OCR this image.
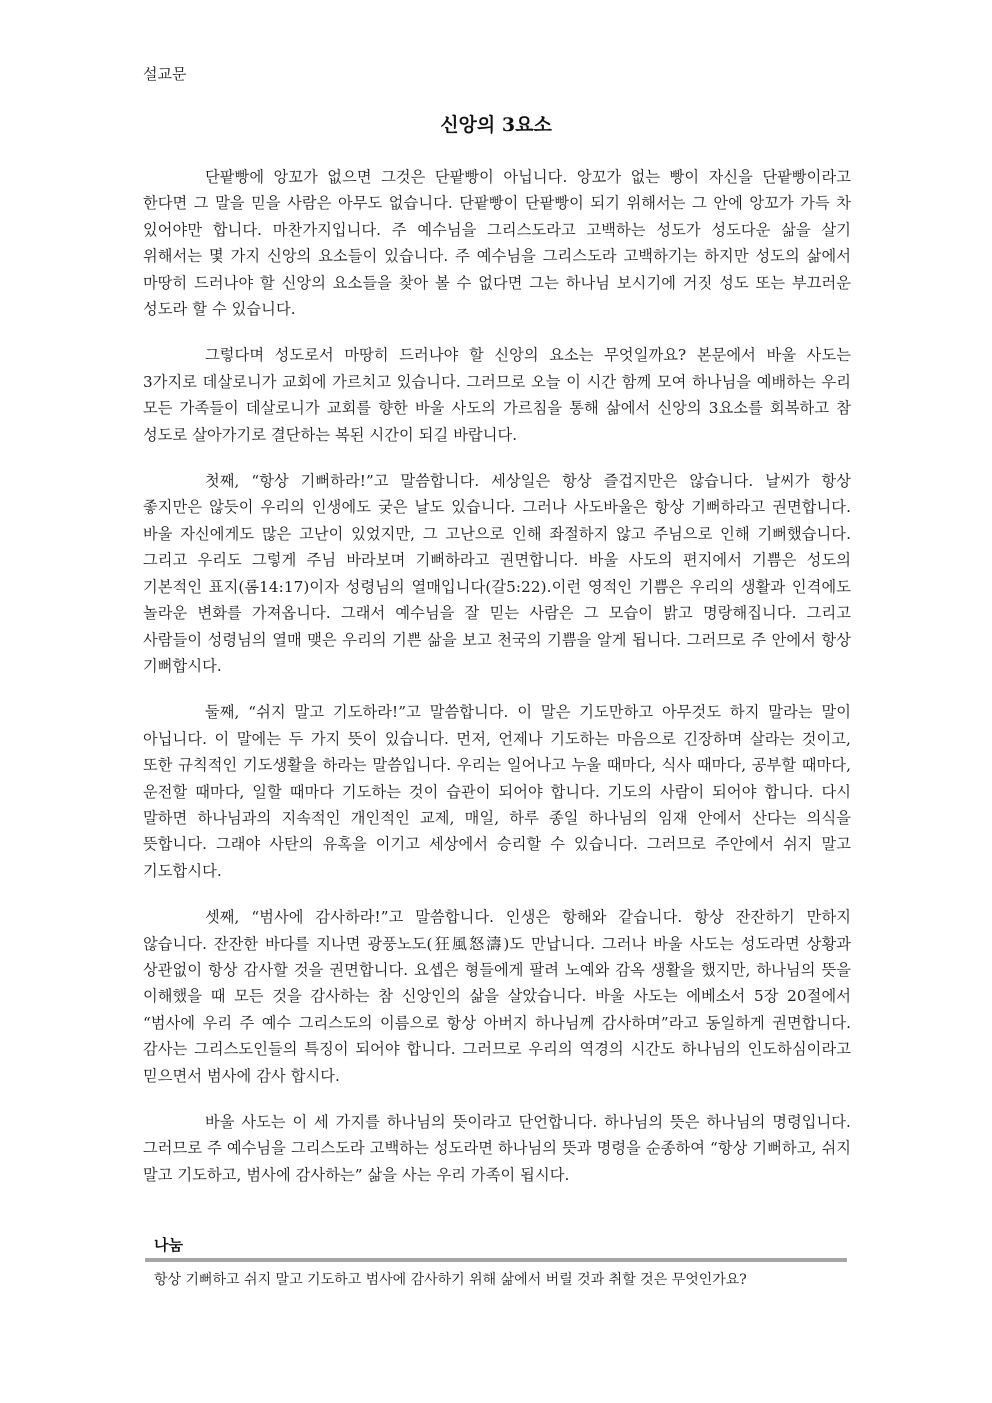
설교문
신앙의 3요소

단팥빵에 앙꼬가 없으면 그것은 단팥빵이 아닙니다. 앙꼬가 없는 빵이 자신을 단팥빵이라고 한다면 그 말을 믿을 사람은 아무도 없습니다. 단팥빵이 단팥빵이 되기 위해서는 그 안에 앙꼬가 가득 차 있어야만 합니다. 마찬가지입니다. 주 예수님을 그리스도라고 고백하는 성도가 성도다운 삶을 살기 위해서는 몇 가지 신앙의 요소들이 있습니다. 주 예수님을 그리스도라 고백하기는 하지만 성도의 삶에서 마땅히 드러나야 할 신앙의 요소들을 찾아 볼 수 없다면 그는 하나님 보시기에 거짓 성도 또는 부끄러운 성도라 할 수 있습니다.

그렇다며 성도로서 마땅히 드러나야 할 신앙의 요소는 무엇일까요? 본문에서 바울 사도는 3가지로 데살로니가 교회에 가르치고 있습니다. 그러므로 오늘 이 시간 함께 모여 하나님을 예배하는 우리 모든 가족들이 데살로니가 교회를 향한 바울 사도의 가르침을 통해 삶에서 신앙의 3요소를 회복하고 참 성도로 살아가기로 결단하는 복된 시간이 되길 바랍니다.

첫째, “항상 기뻐하라!”고 말씀합니다. 세상일은 항상 즐겁지만은 않습니다. 날씨가 항상 좋지만은 않듯이 우리의 인생에도 궂은 날도 있습니다. 그러나 사도바울은 항상 기뻐하라고 권면합니다. 바울 자신에게도 많은 고난이 있었지만, 그 고난으로 인해 좌절하지 않고 주님으로 인해 기뻐했습니다. 그리고 우리도 그렇게 주님 바라보며 기뻐하라고 권면합니다. 바울 사도의 편지에서 기쁨은 성도의 기본적인 표지(롬14:17)이자 성령님의 열매입니다(갈5:22).이런 영적인 기쁨은 우리의 생활과 인격에도 놀라운 변화를 가져옵니다. 그래서 예수님을 잘 믿는 사람은 그 모습이 밝고 명랑해집니다. 그리고 사람들이 성령님의 열매 맺은 우리의 기쁜 삶을 보고 천국의 기쁨을 알게 됩니다. 그러므로 주 안에서 항상 기뻐합시다.

둘째, “쉬지 말고 기도하라!”고 말씀합니다. 이 말은 기도만하고 아무것도 하지 말라는 말이 아닙니다. 이 말에는 두 가지 뜻이 있습니다. 먼저, 언제나 기도하는 마음으로 긴장하며 살라는 것이고, 또한 규칙적인 기도생활을 하라는 말씀입니다. 우리는 일어나고 누울 때마다, 식사 때마다, 공부할 때마다, 운전할 때마다, 일할 때마다 기도하는 것이 습관이 되어야 합니다. 기도의 사람이 되어야 합니다. 다시 말하면 하나님과의 지속적인 개인적인 교제, 매일, 하루 종일 하나님의 임재 안에서 산다는 의식을 뜻합니다. 그래야 사탄의 유혹을 이기고 세상에서 승리할 수 있습니다. 그러므로 주안에서 쉬지 말고 기도합시다.

셋째, “범사에 감사하라!”고 말씀합니다. 인생은 항해와 같습니다. 항상 잔잔하기 만하지 않습니다. 잔잔한 바다를 지나면 광풍노도(狂風怒濤)도 만납니다. 그러나 바울 사도는 성도라면 상황과 상관없이 항상 감사할 것을 권면합니다. 요셉은 형들에게 팔려 노예와 감옥 생활을 했지만, 하나님의 뜻을 이해했을 때 모든 것을 감사하는 참 신앙인의 삶을 살았습니다. 바울 사도는 에베소서 5장 20절에서 “범사에 우리 주 예수 그리스도의 이름으로 항상 아버지 하나님께 감사하며”라고 동일하게 권면합니다. 감사는 그리스도인들의 특징이 되어야 합니다. 그러므로 우리의 역경의 시간도 하나님의 인도하심이라고 믿으면서 범사에 감사 합시다.

바울 사도는 이 세 가지를 하나님의 뜻이라고 단언합니다. 하나님의 뜻은 하나님의 명령입니다. 그러므로 주 예수님을 그리스도라 고백하는 성도라면 하나님의 뜻과 명령을 순종하여 “항상 기뻐하고, 쉬지 말고 기도하고, 범사에 감사하는” 삶을 사는 우리 가족이 됩시다.

나눔
항상 기뻐하고 쉬지 말고 기도하고 범사에 감사하기 위해 삶에서 버릴 것과 취할 것은 무엇인가요?
